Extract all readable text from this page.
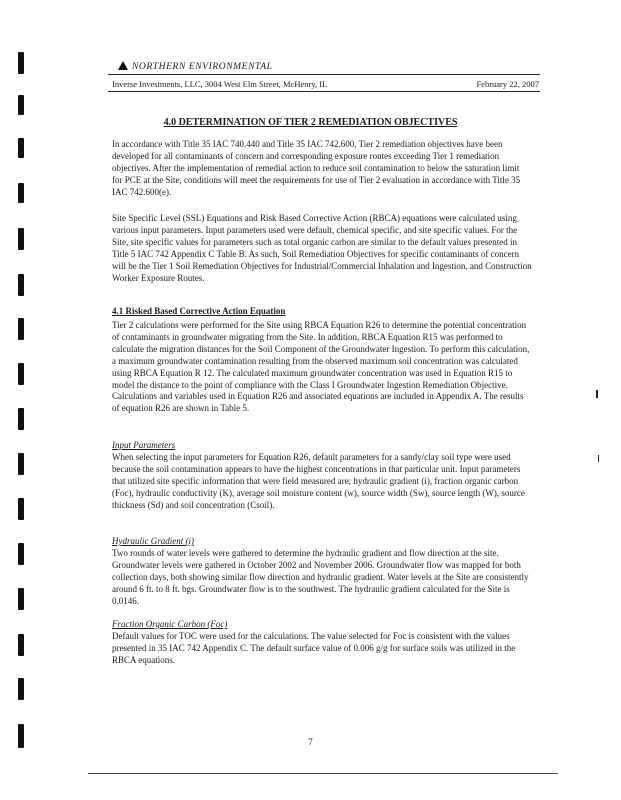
NORTHERN ENVIRONMENTAL
Inverse Investments, LLC, 3004 West Elm Street, McHenry, IL	February 22, 2007
4.0 DETERMINATION OF TIER 2 REMEDIATION OBJECTIVES
In accordance with Title 35 IAC 740.440 and Title 35 IAC 742.600, Tier 2 remediation objectives have been developed for all contaminants of concern and corresponding exposure routes exceeding Tier 1 remediation objectives. After the implementation of remedial action to reduce soil contamination to below the saturation limit for PCE at the Site, conditions will meet the requirements for use of Tier 2 evaluation in accordance with Title 35 IAC 742.600(e).
Site Specific Level (SSL) Equations and Risk Based Corrective Action (RBCA) equations were calculated using various input parameters. Input parameters used were default, chemical specific, and site specific values. For the Site, site specific values for parameters such as total organic carbon are similar to the default values presented in Title 5 IAC 742 Appendix C Table B. As such, Soil Remediation Objectives for specific contaminants of concern will be the Tier 1 Soil Remediation Objectives for Industrial/Commercial Inhalation and Ingestion, and Construction Worker Exposure Routes.
4.1 Risked Based Corrective Action Equation
Tier 2 calculations were performed for the Site using RBCA Equation R26 to determine the potential concentration of contaminants in groundwater migrating from the Site. In addition, RBCA Equation R15 was performed to calculate the migration distances for the Soil Component of the Groundwater Ingestion. To perform this calculation, a maximum groundwater contamination resulting from the observed maximum soil concentration was calculated using RBCA Equation R 12. The calculated maximum groundwater concentration was used in Equation R15 to model the distance to the point of compliance with the Class I Groundwater Ingestion Remediation Objective. Calculations and variables used in Equation R26 and associated equations are included in Appendix A. The results of equation R26 are shown in Table 5.
Input Parameters
When selecting the input parameters for Equation R26, default parameters for a sandy/clay soil type were used because the soil contamination appears to have the highest concentrations in that particular unit. Input parameters that utilized site specific information that were field measured are; hydraulic gradient (i), fraction organic carbon (Foc), hydraulic conductivity (K), average soil moisture content (w), source width (Sw), source length (W), source thickness (Sd) and soil concentration (Csoil).
Hydraulic Gradient (i)
Two rounds of water levels were gathered to determine the hydraulic gradient and flow direction at the site. Groundwater levels were gathered in October 2002 and November 2006. Groundwater flow was mapped for both collection days, both showing similar flow direction and hydraulic gradient. Water levels at the Site are consistently around 6 ft. to 8 ft. bgs. Groundwater flow is to the southwest. The hydraulic gradient calculated for the Site is 0.0146.
Fraction Organic Carbon (Foc)
Default values for TOC were used for the calculations. The value selected for Foc is consistent with the values presented in 35 IAC 742 Appendix C. The default surface value of 0.006 g/g for surface soils was utilized in the RBCA equations.
7
